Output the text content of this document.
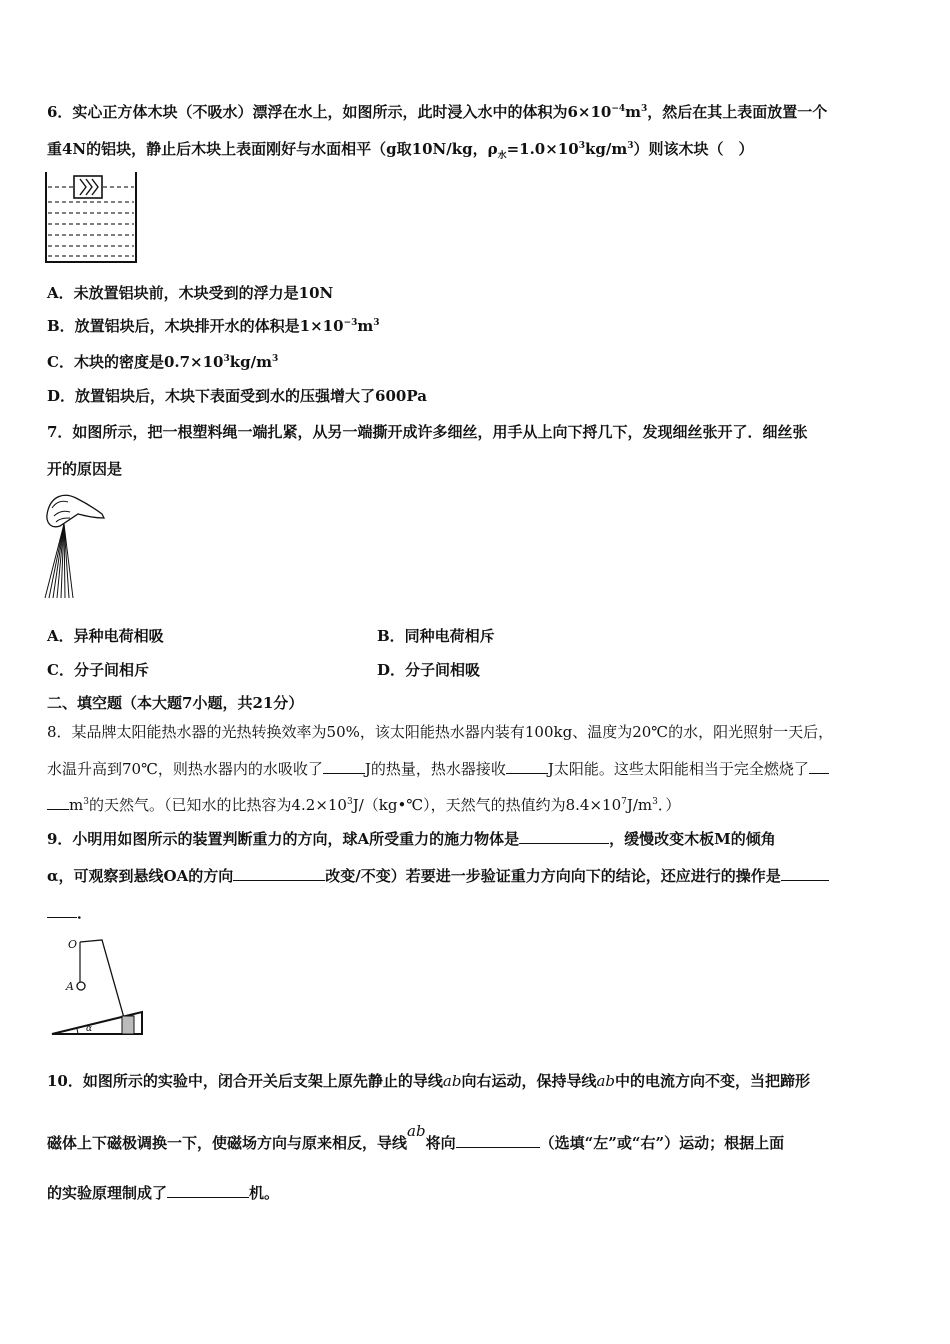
6．实心正方体木块（不吸水）漂浮在水上，如图所示，此时浸入水中的体积为$6\times 10^{-4}m^3$，然后在其上表面放置一个
重4N的铝块，静止后木块上表面刚好与水面相平（g取10N/kg，$\rho_水=1.0\times 10^3kg/m^3$）则该木块（　）
A．未放置铝块前，木块受到的浮力是10N
B．放置铝块后，木块排开水的体积是$1\times 10^{-3}m^3$
C．木块的密度是$0.7\times 10^3kg/m^3$
D．放置铝块后，木块下表面受到水的压强增大了600Pa
7．如图所示，把一根塑料绳一端扎紧，从另一端撕开成许多细丝，用手从上向下捋几下，发现细丝张开了．细丝张
开的原因是
A．异种电荷相吸	B．同种电荷相斥
C．分子间相斥	D．分子间相吸
二、填空题（本大题7小题，共21分）
8．某品牌太阳能热水器的光热转换效率为50%，该太阳能热水器内装有100kg、温度为20℃的水，阳光照射一天后，
水温升高到70℃，则热水器内的水吸收了	J的热量，热水器接收	J太阳能。这些太阳能相当于完全燃烧了
$m^3$的天然气。（已知水的比热容为$4.2\times 10^3J/(kg•℃)$，天然气的热值约为$8.4\times 10^7J/m^3$．）
9．小明用如图所示的装置判断重力的方向，球A所受重力的施力物体是	，缓慢改变木板M的倾角
α，可观察到悬线OA的方向	改变/不变）若要进一步验证重力方向向下的结论，还应进行的操作是
．
O
A
α
10．如图所示的实验中，闭合开关后支架上原先静止的导线ab向右运动，保持导线ab中的电流方向不变，当把蹄形
磁体上下磁极调换一下，使磁场方向与原来相反，导线ab将向	（选填“左”或“右”）运动；根据上面
的实验原理制成了	机。
